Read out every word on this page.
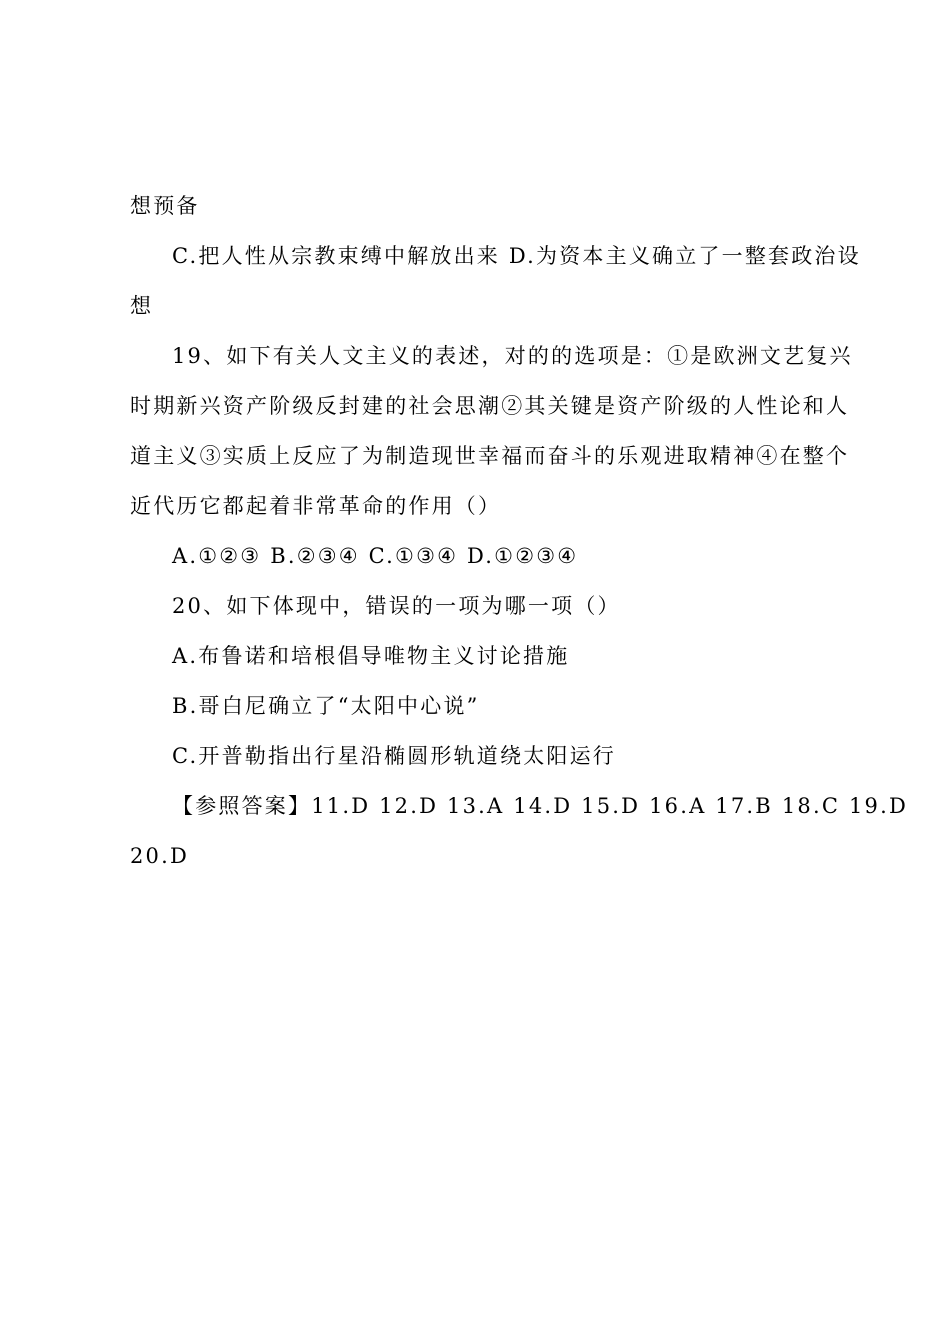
想预备
C.把人性从宗教束缚中解放出来 D.为资本主义确立了一整套政治设
想
19、如下有关人文主义的表述，对的的选项是：①是欧洲文艺复兴
时期新兴资产阶级反封建的社会思潮②其关键是资产阶级的人性论和人
道主义③实质上反应了为制造现世幸福而奋斗的乐观进取精神④在整个
近代历它都起着非常革命的作用（）
A.①②③ B.②③④ C.①③④ D.①②③④
20、如下体现中，错误的一项为哪一项（）
A.布鲁诺和培根倡导唯物主义讨论措施
B.哥白尼确立了“太阳中心说”
C.开普勒指出行星沿椭圆形轨道绕太阳运行
【参照答案】11.D 12.D 13.A 14.D 15.D 16.A 17.B 18.C 19.D
20.D
